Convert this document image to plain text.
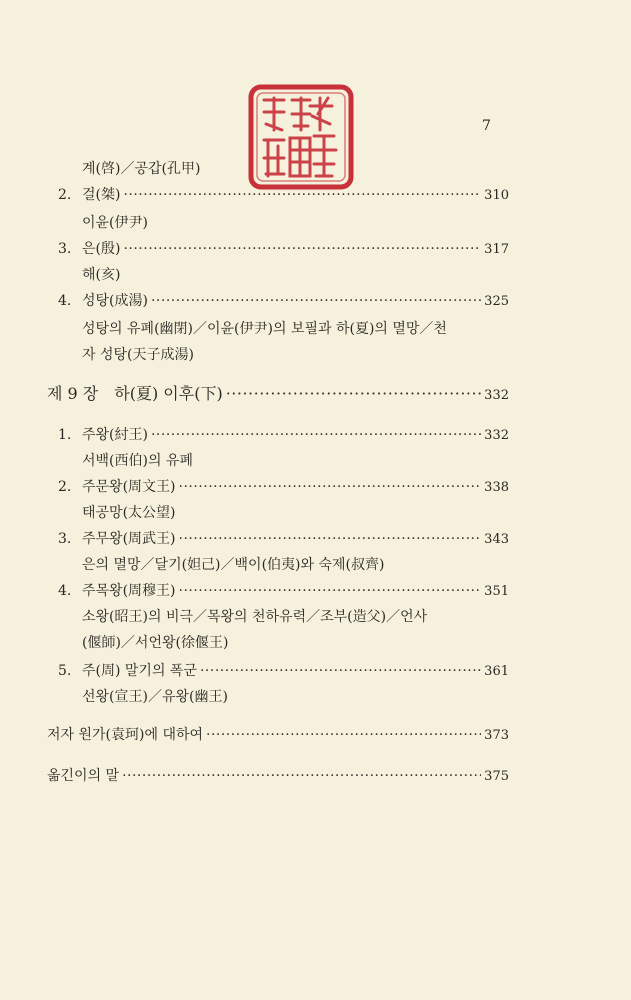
7
계(啓)／공갑(孔甲)
2. 걸(桀) ·····	310
이윤(伊尹)
3. 은(殷) ·····	317
해(亥)
4. 성탕(成湯) ·····	325
성탕의 유폐(幽閉)／이윤(伊尹)의 보필과 하(夏)의 멸망／천
자 성탕(天子成湯)
제 9 장 하(夏) 이후(下) ·····	332
1. 주왕(紂王) ·····	332
서백(西伯)의 유폐
2. 주문왕(周文王) ·····	338
태공망(太公望)
3. 주무왕(周武王) ·····	343
은의 멸망／달기(妲己)／백이(伯夷)와 숙제(叔齊)
4. 주목왕(周穆王) ·····	351
소왕(昭王)의 비극／목왕의 천하유력／조부(造父)／언사
(偃師)／서언왕(徐偃王)
5. 주(周) 말기의 폭군 ·····	361
선왕(宣王)／유왕(幽王)
저자 원가(袁珂)에 대하여 ·····	373
옮긴이의 말 ·····	375
